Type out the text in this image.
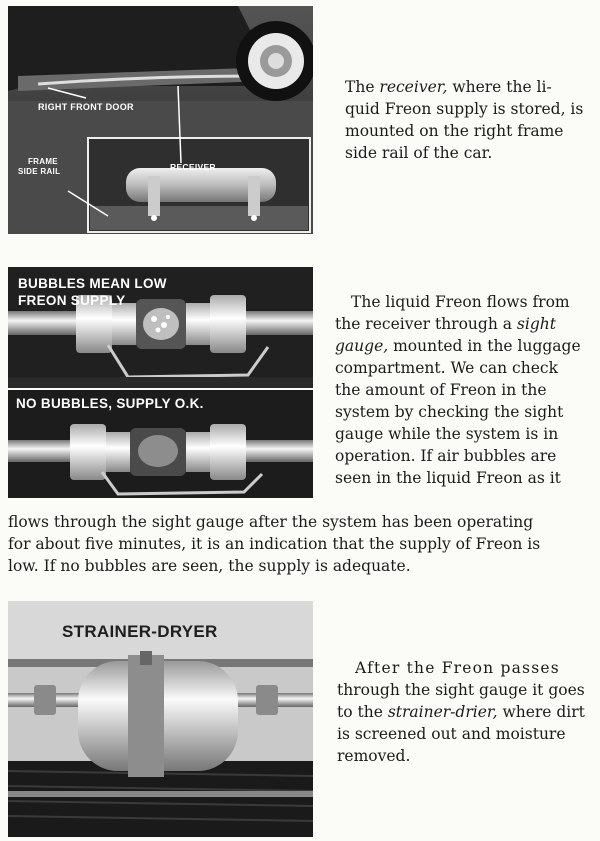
RIGHT FRONT DOOR
FRAME
SIDE RAIL	RECEIVER
The receiver, where the li-
quid Freon supply is stored, is
mounted on the right frame
side rail of the car.
BUBBLES MEAN LOW
FREON SUPPLY
NO BUBBLES, SUPPLY O.K.
The liquid Freon flows from
the receiver through a sight
gauge, mounted in the luggage
compartment. We can check
the amount of Freon in the
system by checking the sight
gauge while the system is in
operation. If air bubbles are
seen in the liquid Freon as it
flows through the sight gauge after the system has been operating
for about five minutes, it is an indication that the supply of Freon is
low. If no bubbles are seen, the supply is adequate.
STRAINER-DRYER
After the Freon passes
through the sight gauge it goes
to the strainer-drier, where dirt
is screened out and moisture
removed.
